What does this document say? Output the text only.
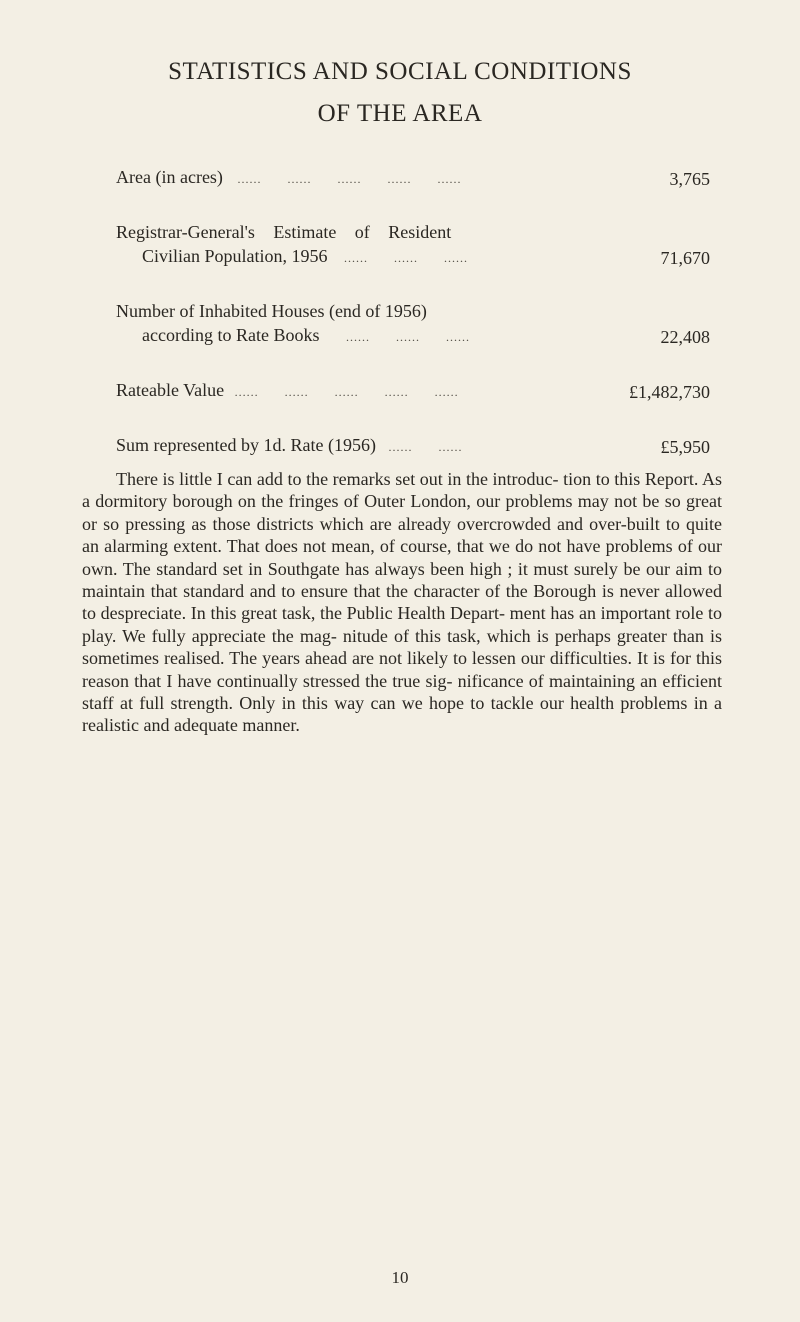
STATISTICS AND SOCIAL CONDITIONS
OF THE AREA
Area (in acres) ...... ...... ...... ...... ......	3,765
Registrar-General's Estimate of Resident
Civilian Population, 1956 ...... ...... ......	71,670
Number of Inhabited Houses (end of 1956)
according to Rate Books ...... ...... ......	22,408
Rateable Value ...... ...... ...... ...... ......	£1,482,730
Sum represented by 1d. Rate (1956) ...... ......	£5,950

There is little I can add to the remarks set out in the introduc- tion to this Report. As a dormitory borough on the fringes of Outer London, our problems may not be so great or so pressing as those districts which are already overcrowded and over-built to quite an alarming extent. That does not mean, of course, that we do not have problems of our own. The standard set in Southgate has always been high ; it must surely be our aim to maintain that standard and to ensure that the character of the Borough is never allowed to despreciate. In this great task, the Public Health Depart- ment has an important role to play. We fully appreciate the mag- nitude of this task, which is perhaps greater than is sometimes realised. The years ahead are not likely to lessen our difficulties. It is for this reason that I have continually stressed the true sig- nificance of maintaining an efficient staff at full strength. Only in this way can we hope to tackle our health problems in a realistic and adequate manner.

10
